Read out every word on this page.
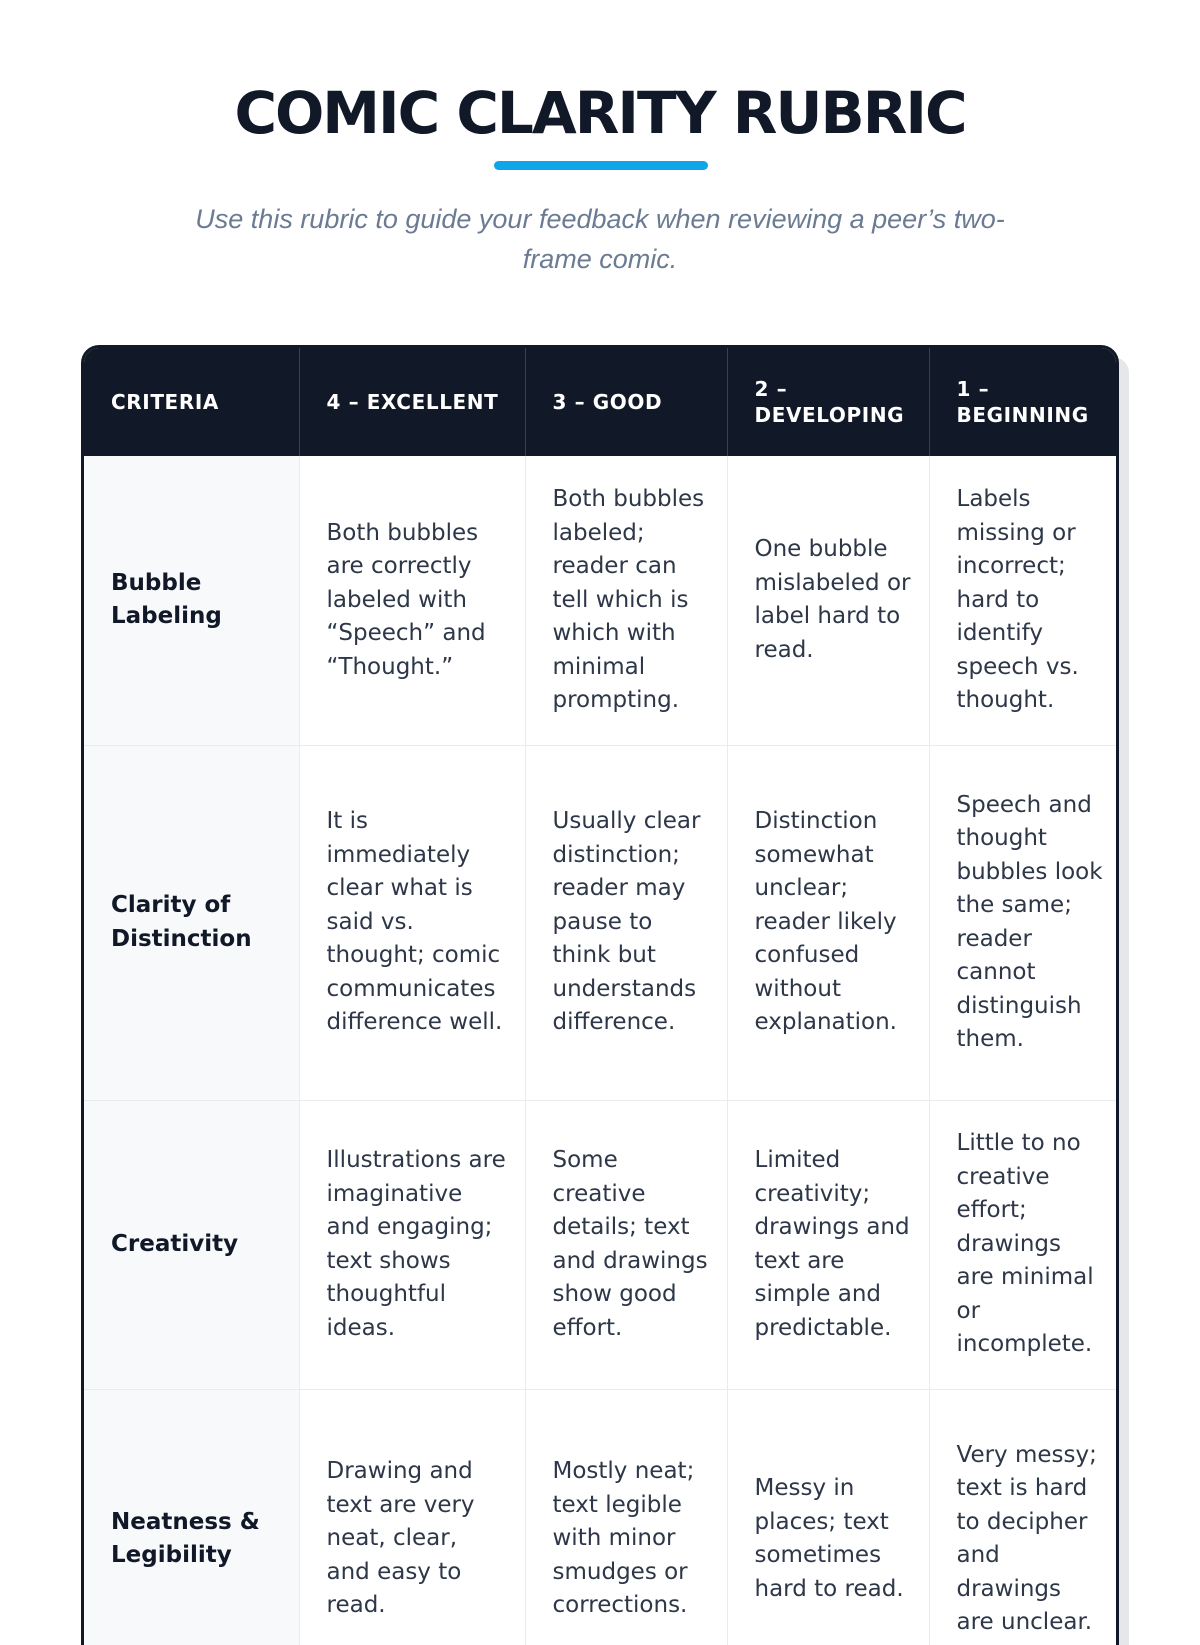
COMIC CLARITY RUBRIC

Use this rubric to guide your feedback when reviewing a peer’s two-frame comic.

CRITERIA	4 – EXCELLENT	3 – GOOD	2 – DEVELOPING	1 – BEGINNING
Bubble Labeling	Both bubbles are correctly labeled with “Speech” and “Thought.”	Both bubbles labeled; reader can tell which is which with minimal prompting.	One bubble mislabeled or label hard to read.	Labels missing or incorrect; hard to identify speech vs. thought.
Clarity of Distinction	It is immediately clear what is said vs. thought; comic communicates difference well.	Usually clear distinction; reader may pause to think but understands difference.	Distinction somewhat unclear; reader likely confused without explanation.	Speech and thought bubbles look the same; reader cannot distinguish them.
Creativity	Illustrations are imaginative and engaging; text shows thoughtful ideas.	Some creative details; text and drawings show good effort.	Limited creativity; drawings and text are simple and predictable.	Little to no creative effort; drawings are minimal or incomplete.
Neatness & Legibility	Drawing and text are very neat, clear, and easy to read.	Mostly neat; text legible with minor smudges or corrections.	Messy in places; text sometimes hard to read.	Very messy; text is hard to decipher and drawings are unclear.
